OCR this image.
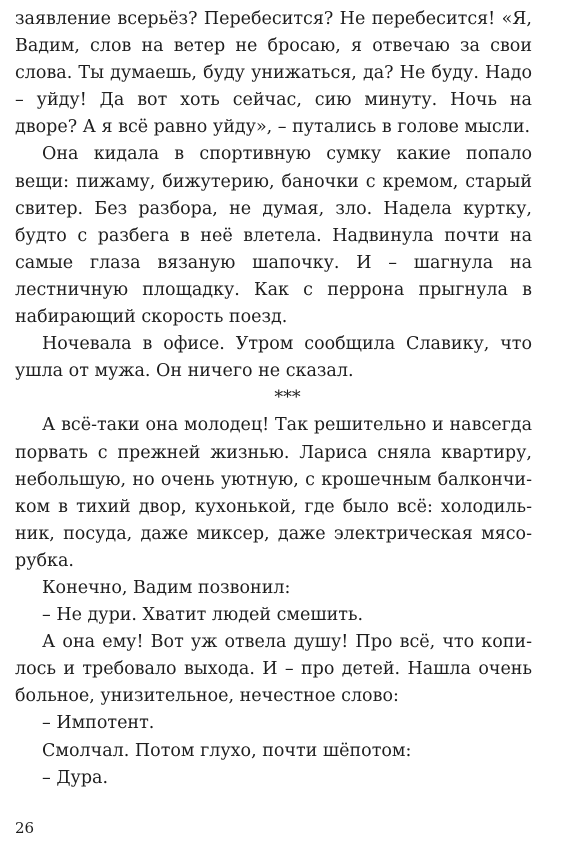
заявление всерьёз? Перебесится? Не перебесится! «Я, Вадим, слов на ветер не бросаю, я отвечаю за свои слова. Ты думаешь, буду унижаться, да? Не буду. Надо – уйду! Да вот хоть сейчас, сию минуту. Ночь на дворе? А я всё равно уйду», – путались в голове мысли.

Она кидала в спортивную сумку какие попало вещи: пижаму, бижутерию, баночки с кремом, старый свитер. Без разбора, не думая, зло. Надела куртку, будто с разбега в неё влетела. Надвинула почти на самые глаза вязаную шапочку. И – шагнула на лестничную площадку. Как с перрона прыгнула в набирающий скорость поезд.

Ночевала в офисе. Утром сообщила Славику, что ушла от мужа. Он ничего не сказал.

***

А всё-таки она молодец! Так решительно и навсегда порвать с прежней жизнью. Лариса сняла квартиру, небольшую, но очень уютную, с крошечным балкончиком в тихий двор, кухонькой, где было всё: холодильник, посуда, даже миксер, даже электрическая мясорубка.

Конечно, Вадим позвонил:

– Не дури. Хватит людей смешить.

А она ему! Вот уж отвела душу! Про всё, что копилось и требовало выхода. И – про детей. Нашла очень больное, унизительное, нечестное слово:

– Импотент.

Смолчал. Потом глухо, почти шёпотом:

– Дура.

26
